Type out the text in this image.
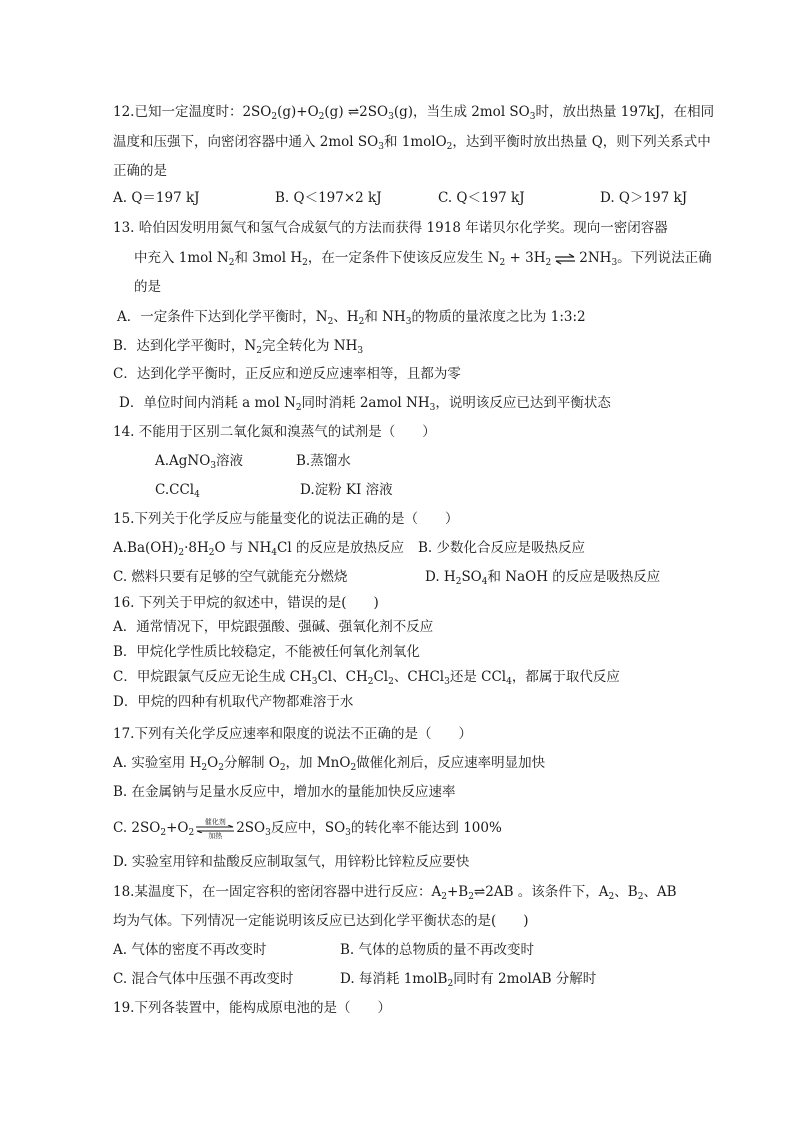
12.已知一定温度时：$2SO_2(g)+O_2(g)$ $\rightleftharpoons 2SO_3(g)$，当生成 2mol $SO_3$时，放出热量 197kJ，在相同
温度和压强下，向密闭容器中通入 2mol $SO_3$和 1molO$_2$，达到平衡时放出热量 Q，则下列关系式中
正确的是
A. Q＝197 kJ	B. Q＜197×2 kJ	C. Q＜197 kJ	D. Q＞197 kJ
13. 哈伯因发明用氮气和氢气合成氨气的方法而获得 1918 年诺贝尔化学奖。现向一密闭容器
中充入 1mol $N_2$和 3mol $H_2$，在一定条件下使该反应发生 $N_2 + 3H_2$ ⇌ $2NH_3$。下列说法正确
的是
A．一定条件下达到化学平衡时，$N_2$、$H_2$和 $NH_3$的物质的量浓度之比为 1:3:2
B．达到化学平衡时，$N_2$完全转化为 $NH_3$
C．达到化学平衡时，正反应和逆反应速率相等，且都为零
D．单位时间内消耗 a mol $N_2$同时消耗 2amol $NH_3$，说明该反应已达到平衡状态
14. 不能用于区别二氧化氮和溴蒸气的试剂是（　　）
A.AgNO$_3$溶液	B.蒸馏水
C.CCl$_4$	D.淀粉 KI 溶液
15.下列关于化学反应与能量变化的说法正确的是（　　）
$A.Ba(OH)_2\cdot 8H_2O$ 与 $NH_4Cl$ 的反应是放热反应 B. 少数化合反应是吸热反应
C. 燃料只要有足够的空气就能充分燃烧	D. $H_2SO_4$和 NaOH 的反应是吸热反应
16. 下列关于甲烷的叙述中，错误的是(　　)
A．通常情况下，甲烷跟强酸、强碱、强氧化剂不反应
B．甲烷化学性质比较稳定，不能被任何氧化剂氧化
C．甲烷跟氯气反应无论生成 $CH_3Cl$、$CH_2Cl_2$、CHCl$_3$还是 CCl$_4$，都属于取代反应
D．甲烷的四种有机取代产物都难溶于水
17.下列有关化学反应速率和限度的说法不正确的是（　　）
A. 实验室用 $H_2O_2$分解制 $O_2$，加 MnO$_2$做催化剂后，反应速率明显加快
B. 在金属钠与足量水反应中，增加水的量能加快反应速率
C. $2SO_2+O_2$
催化剂
加热	$2SO_3$反应中，$SO_3$的转化率不能达到 100%
D. 实验室用锌和盐酸反应制取氢气，用锌粉比锌粒反应要快
18.某温度下，在一固定容积的密闭容器中进行反应：$A_2+B_2\rightleftharpoons 2AB$ 。该条件下，$A_2$、$B_2$、AB
均为气体。下列情况一定能说明该反应已达到化学平衡状态的是(　　)
A. 气体的密度不再改变时	B. 气体的总物质的量不再改变时
C. 混合气体中压强不再改变时	D. 每消耗 1molB$_2$同时有 2molAB 分解时
19.下列各装置中，能构成原电池的是（　　）
